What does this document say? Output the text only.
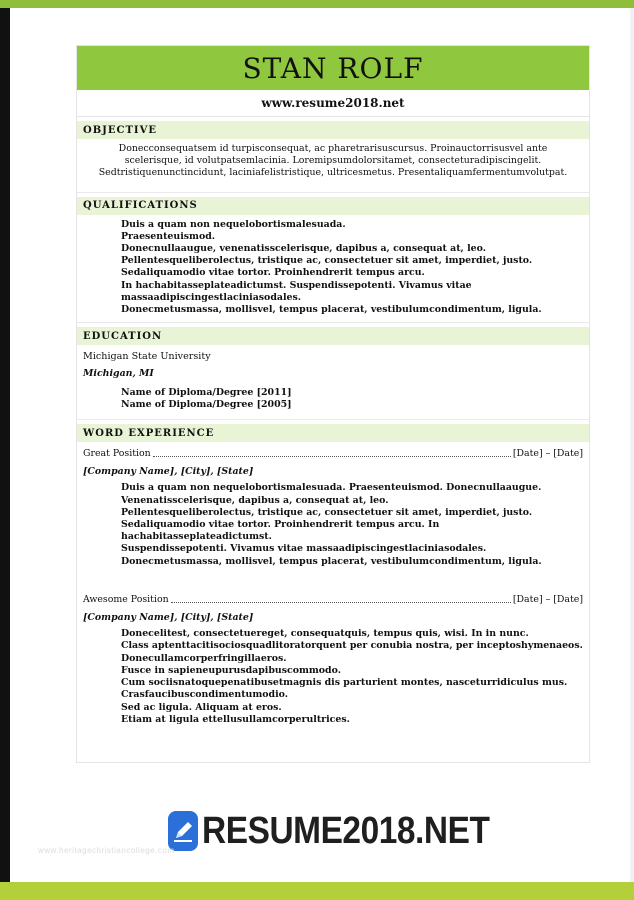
STAN ROLF
www.resume2018.net
OBJECTIVE
Donecconsequatsem id turpisconsequat, ac pharetrarisuscursus. Proinauctorrisusvel ante
scelerisque, id volutpatsemlacinia. Loremipsumdolorsitamet, consecteturadipiscingelit.
Sedtristiquenunctincidunt, laciniafelistristique, ultricesmetus. Presentaliquamfermentumvolutpat.
QUALIFICATIONS
Duis a quam non nequelobortismalesuada.
Praesenteuismod.
Donecnullaaugue, venenatisscelerisque, dapibus a, consequat at, leo.
Pellentesqueliberolectus, tristique ac, consectetuer sit amet, imperdiet, justo.
Sedaliquamodio vitae tortor. Proinhendrerit tempus arcu.
In hachabitasseplateadictumst. Suspendissepotenti. Vivamus vitae
massaadipiscingestlaciniasodales.
Donecmetusmassa, mollisvel, tempus placerat, vestibulumcondimentum, ligula.
EDUCATION
Michigan State University
Michigan, MI
Name of Diploma/Degree [2011]
Name of Diploma/Degree [2005]
WORD EXPERIENCE
Great Position	[Date] – [Date]
[Company Name], [City], [State]
Duis a quam non nequelobortismalesuada. Praesenteuismod. Donecnullaaugue.
Venenatisscelerisque, dapibus a, consequat at, leo.
Pellentesqueliberolectus, tristique ac, consectetuer sit amet, imperdiet, justo.
Sedaliquamodio vitae tortor. Proinhendrerit tempus arcu. In
hachabitasseplateadictumst.
Suspendissepotenti. Vivamus vitae massaadipiscingestlaciniasodales.
Donecmetusmassa, mollisvel, tempus placerat, vestibulumcondimentum, ligula.
Awesome Position	[Date] – [Date]
[Company Name], [City], [State]
Donecelitest, consectetuereget, consequatquis, tempus quis, wisi. In in nunc.
Class aptenttacitisociosquadlitoratorquent per conubia nostra, per inceptoshymenaeos.
Donecullamcorperfringillaeros.
Fusce in sapieneupurusdapibuscommodo.
Cum sociisnatoquepenatibusetmagnis dis parturient montes, nasceturridiculus mus.
Crasfaucibuscondimentumodio.
Sed ac ligula. Aliquam at eros.
Etiam at ligula ettellusullamcorperultrices.
RESUME2018.NET
www.heritagechristiancollege.com
